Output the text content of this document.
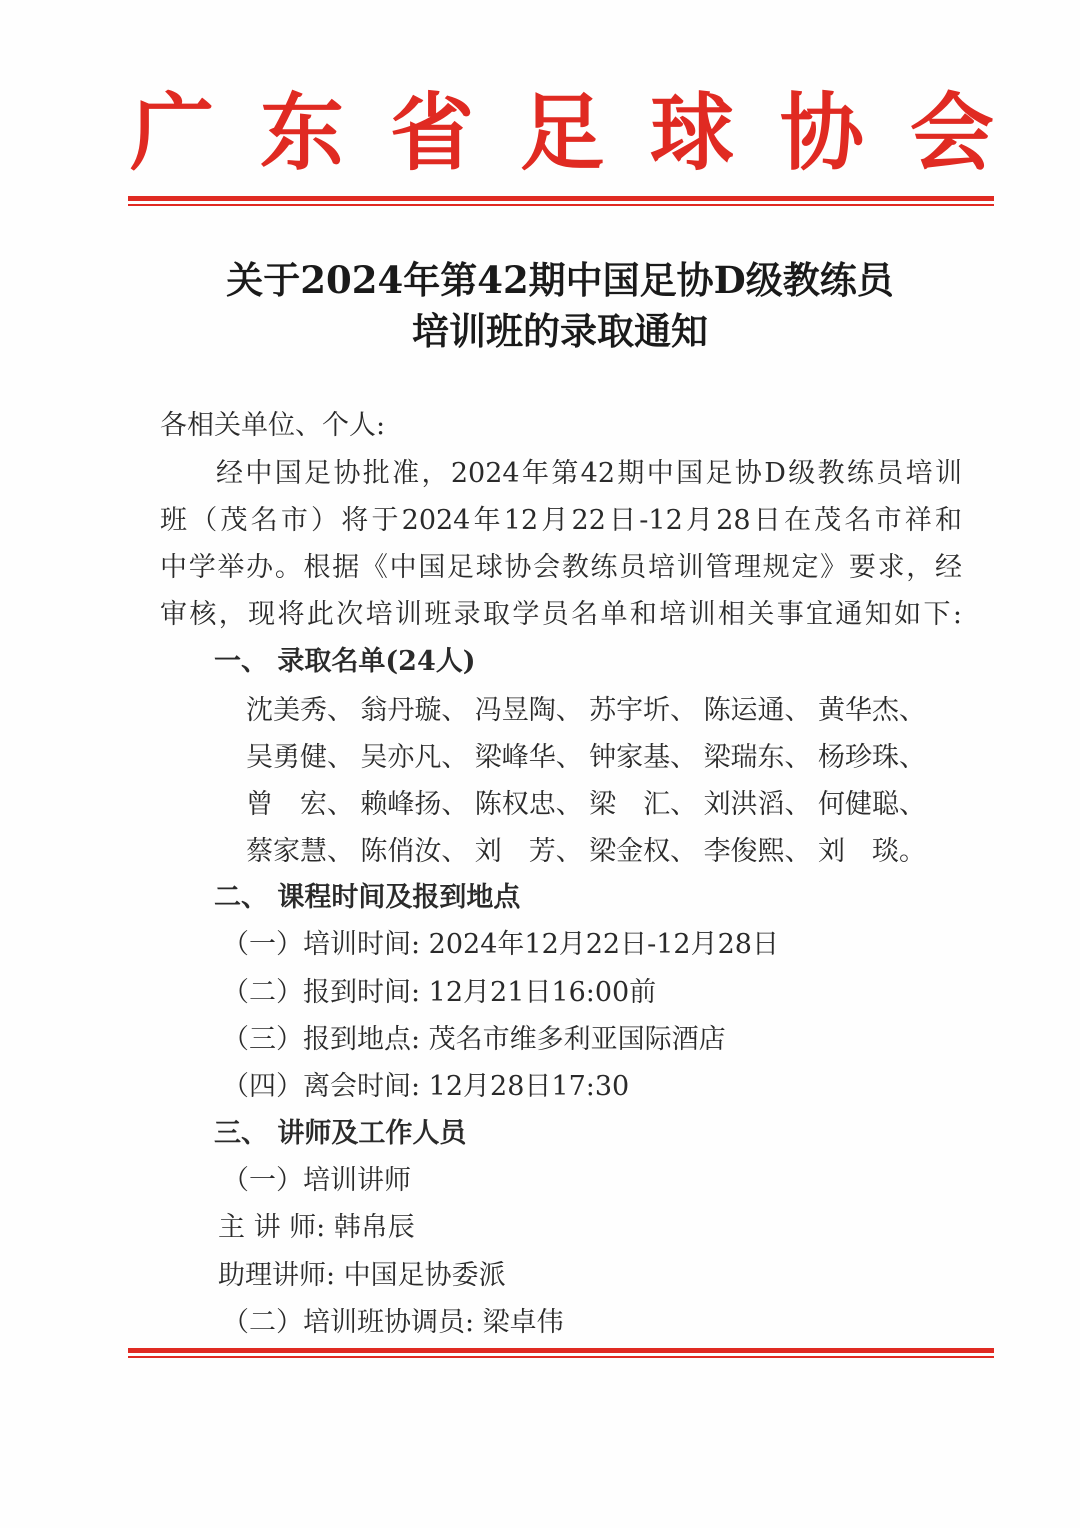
广 东 省 足 球 协 会
关于2024年第42期中国足协D级教练员
培训班的录取通知
各相关单位、个人:
经中国足协批准，2024年第42期中国足协D级教练员培训
班（茂名市）将于2024年12月22日-12月28日在茂名市祥和
中学举办。根据《中国足球协会教练员培训管理规定》要求，经
审核，现将此次培训班录取学员名单和培训相关事宜通知如下:
一、 录取名单(24人)
沈美秀、 翁丹璇、 冯昱陶、 苏宇圻、 陈运通、 黄华杰、
吴勇健、 吴亦凡、 梁峰华、 钟家基、 梁瑞东、 杨珍珠、
曾　宏、 赖峰扬、 陈权忠、 梁　汇、 刘洪滔、 何健聪、
蔡家慧、 陈俏汝、 刘　芳、 梁金权、 李俊熙、 刘　琰。
二、 课程时间及报到地点
（一）培训时间: 2024年12月22日-12月28日
（二）报到时间: 12月21日16:00前
（三）报到地点: 茂名市维多利亚国际酒店
（四）离会时间: 12月28日17:30
三、 讲师及工作人员
（一）培训讲师
主 讲 师: 韩帛辰
助理讲师: 中国足协委派
（二）培训班协调员: 梁卓伟
